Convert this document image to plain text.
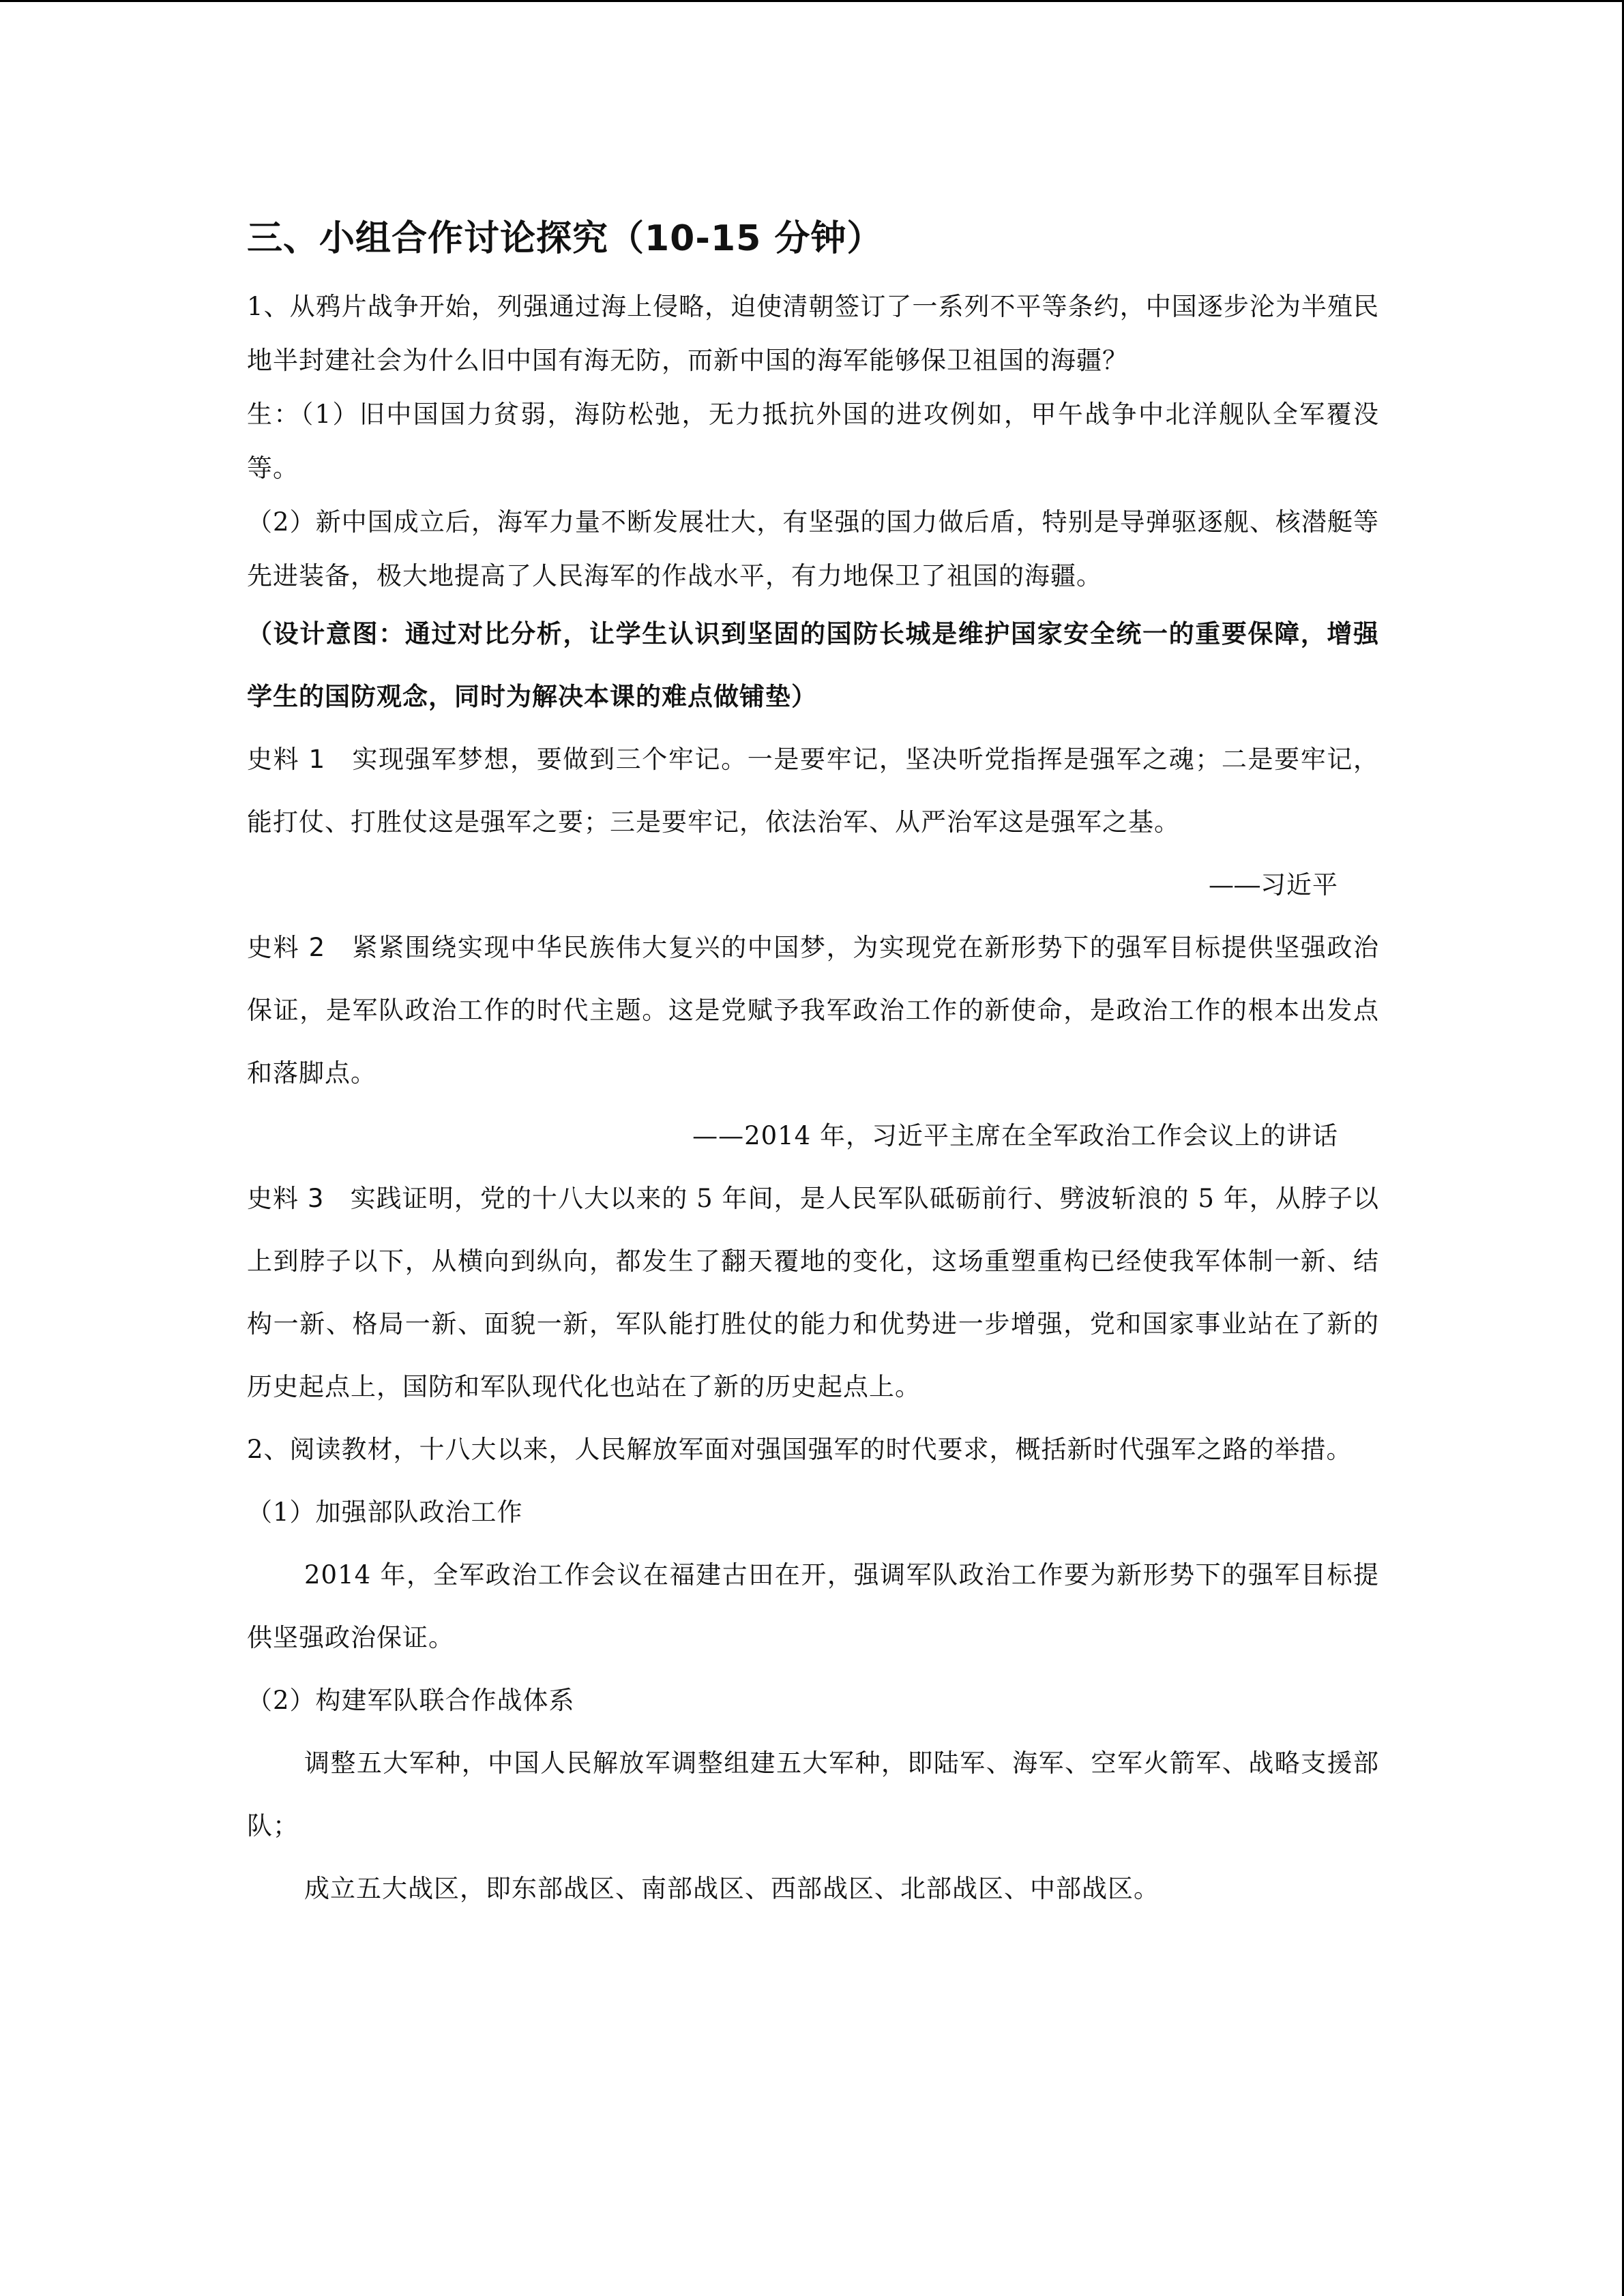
三、小组合作讨论探究（10-15 分钟）

1、从鸦片战争开始，列强通过海上侵略，迫使清朝签订了一系列不平等条约，中国逐步沦为半殖民地半封建社会为什么旧中国有海无防，而新中国的海军能够保卫祖国的海疆？

生：（1）旧中国国力贫弱，海防松弛，无力抵抗外国的进攻例如，甲午战争中北洋舰队全军覆没等。

（2）新中国成立后，海军力量不断发展壮大，有坚强的国力做后盾，特别是导弹驱逐舰、核潜艇等先进装备，极大地提高了人民海军的作战水平，有力地保卫了祖国的海疆。

（设计意图：通过对比分析，让学生认识到坚固的国防长城是维护国家安全统一的重要保障，增强学生的国防观念，同时为解决本课的难点做铺垫）

史料 1　 实现强军梦想，要做到三个牢记。一是要牢记，坚决听党指挥是强军之魂；二是要牢记，能打仗、打胜仗这是强军之要；三是要牢记，依法治军、从严治军这是强军之基。

—―习近平

史料 2　 紧紧围绕实现中华民族伟大复兴的中国梦，为实现党在新形势下的强军目标提供坚强政治保证，是军队政治工作的时代主题。这是党赋予我军政治工作的新使命，是政治工作的根本出发点和落脚点。

——2014 年，习近平主席在全军政治工作会议上的讲话

史料 3　 实践证明，党的十八大以来的 5 年间，是人民军队砥砺前行、劈波斩浪的 5 年，从脖子以上到脖子以下，从横向到纵向，都发生了翻天覆地的变化，这场重塑重构已经使我军体制一新、结构一新、格局一新、面貌一新，军队能打胜仗的能力和优势进一步增强，党和国家事业站在了新的历史起点上，国防和军队现代化也站在了新的历史起点上。

2、阅读教材，十八大以来，人民解放军面对强国强军的时代要求，概括新时代强军之路的举措。

（1）加强部队政治工作

2014 年，全军政治工作会议在福建古田在开，强调军队政治工作要为新形势下的强军目标提供坚强政治保证。

（2）构建军队联合作战体系

调整五大军种，中国人民解放军调整组建五大军种，即陆军、海军、空军火箭军、战略支援部队；

成立五大战区，即东部战区、南部战区、西部战区、北部战区、中部战区。
